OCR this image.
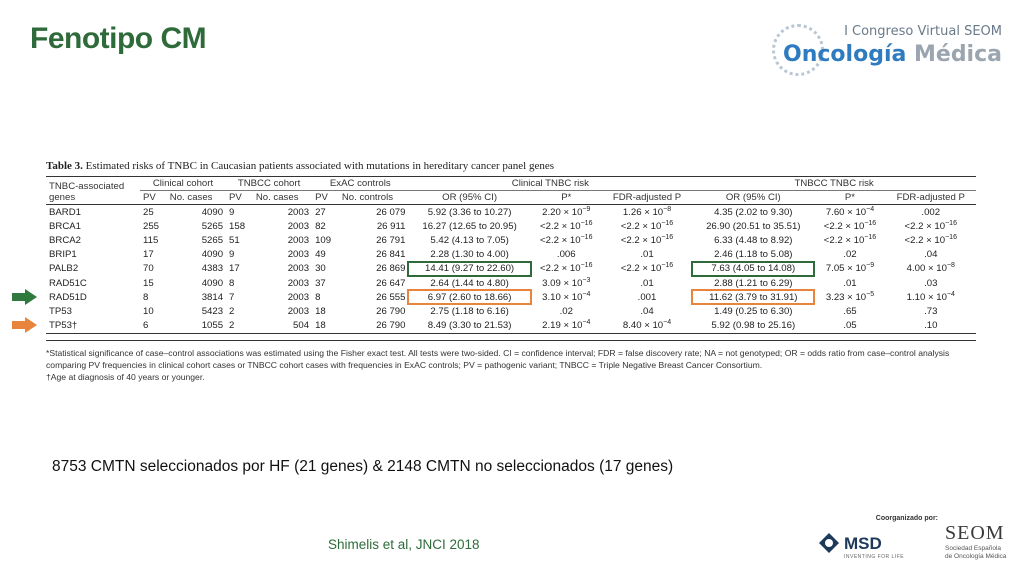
Fenotipo CM	I Congreso Virtual SEOM
Oncología Médica
Table 3. Estimated risks of TNBC in Caucasian patients associated with mutations in hereditary cancer panel genes
TNBC-associated genes	Clinical cohort		TNBCC cohort		ExAC controls		Clinical TNBC risk			TNBCC TNBC risk		
	PV	No. cases	PV	No. cases	PV	No. controls	OR (95% CI)	P*	FDR-adjusted P	OR (95% CI)	P*	FDR-adjusted P
BARD1	25	4090	9	2003	27	26 079	5.92 (3.36 to 10.27)	$2.20 \times 10^{-9}$	$1.26 \times 10^{-8}$	4.35 (2.02 to 9.30)	$7.60 \times 10^{-4}$	.002
BRCA1	255	5265	158	2003	82	26 911	16.27 (12.65 to 20.95)	$<2.2 \times 10^{-16}$	$<2.2 \times 10^{-16}$	26.90 (20.51 to 35.51)	$<2.2 \times 10^{-16}$	$<2.2 \times 10^{-16}$
BRCA2	115	5265	51	2003	109	26 791	5.42 (4.13 to 7.05)	$<2.2 \times 10^{-16}$	$<2.2 \times 10^{-16}$	6.33 (4.48 to 8.92)	$<2.2 \times 10^{-16}$	$<2.2 \times 10^{-16}$
BRIP1	17	4090	9	2003	49	26 841	2.28 (1.30 to 4.00)	.006	.01	2.46 (1.18 to 5.08)	.02	.04
PALB2	70	4383	17	2003	30	26 869	14.41 (9.27 to 22.60)	$<2.2 \times 10^{-16}$	$<2.2 \times 10^{-16}$	7.63 (4.05 to 14.08)	$7.05 \times 10^{-9}$	$4.00 \times 10^{-8}$
RAD51C	15	4090	8	2003	37	26 647	2.64 (1.44 to 4.80)	$3.09 \times 10^{-3}$	.01	2.88 (1.21 to 6.29)	.01	.03
RAD51D	8	3814	7	2003	8	26 555	6.97 (2.60 to 18.66)	$3.10 \times 10^{-4}$	.001	11.62 (3.79 to 31.91)	$3.23 \times 10^{-5}$	$1.10 \times 10^{-4}$
TP53	10	5423	2	2003	18	26 790	2.75 (1.18 to 6.16)	.02	.04	1.49 (0.25 to 6.30)	.65	.73
TP53†	6	1055	2	504	18	26 790	8.49 (3.30 to 21.53)	$2.19 \times 10^{-4}$	$8.40 \times 10^{-4}$	5.92 (0.98 to 25.16)	.05	.10
*Statistical significance of case–control associations was estimated using the Fisher exact test. All tests were two-sided. CI = confidence interval; FDR = false discovery rate; NA = not genotyped; OR = odds ratio from case–control analysis comparing PV frequencies in clinical cohort cases or TNBCC cohort cases with frequencies in ExAC controls; PV = pathogenic variant; TNBCC = Triple Negative Breast Cancer Consortium.
†Age at diagnosis of 40 years or younger.
8753 CMTN seleccionados por HF (21 genes) & 2148 CMTN no seleccionados (17 genes)
Shimelis et al, JNCI 2018
Coorganizado por:
MSD
INVENTING FOR LIFE
SEOM
Sociedad Española
de Oncología Médica
